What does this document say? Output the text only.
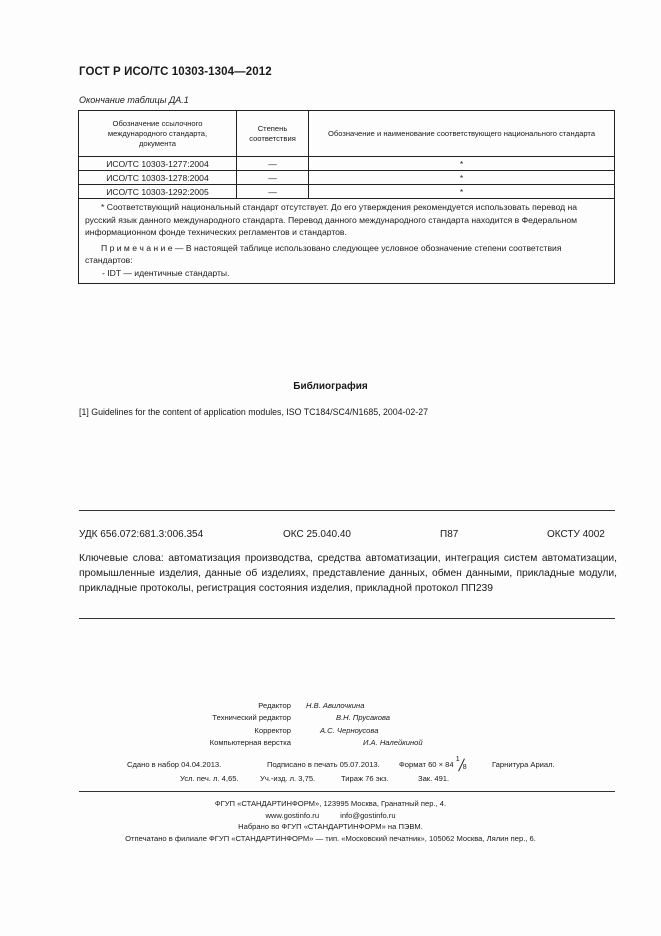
ГОСТ Р ИСО/ТС 10303-1304—2012
Окончание таблицы ДА.1
Обозначение ссылочного международного стандарта, документа	Степень соответствия	Обозначение и наименование соответствующего национального стандарта
ИСО/ТС 10303-1277:2004	—	*
ИСО/ТС 10303-1278:2004	—	*
ИСО/ТС 10303-1292:2005	—	*

* Соответствующий национальный стандарт отсутствует. До его утверждения рекомендуется использовать перевод на русский язык данного международного стандарта. Перевод данного международного стандарта находится в Федеральном информационном фонде технических регламентов и стандартов.

П р и м е ч а н и е — В настоящей таблице использовано следующее условное обозначение степени соответствия стандартов:

- IDT — идентичные стандарты.		

Библиография
[1] Guidelines for the content of application modules, ISO TC184/SC4/N1685, 2004-02-27
УДК 656.072:681.3:006.354	ОКС 25.040.40	П87	ОКСТУ 4002
Ключевые слова: автоматизация производства, средства автоматизации, интеграция систем автоматизации, промышленные изделия, данные об изделиях, представление данных, обмен данными, прикладные модули, прикладные протоколы, регистрация состояния изделия, прикладной протокол ПП239
Редактор Н.В. Авилочкина
Технический редактор	В.Н. Прусакова
Корректор	А.С. Черноусова
Компьютерная верстка	И.А. Налейкиной
Сдано в набор 04.04.2013.	Подписано в печать 05.07.2013.	Формат 60 × 84
1
8	Гарнитура Ариал.
Усл. печ. л. 4,65.	Уч.-изд. л. 3,75.	Тираж 76 экз.	Зак. 491.
ФГУП «СТАНДАРТИНФОРМ», 123995 Москва, Гранатный пер., 4.
www.gostinfo.ru          info@gostinfo.ru
Набрано во ФГУП «СТАНДАРТИНФОРМ» на ПЭВМ.
Отпечатано в филиале ФГУП «СТАНДАРТИНФОРМ» — тип. «Московский печатник», 105062 Москва, Лялин пер., 6.
